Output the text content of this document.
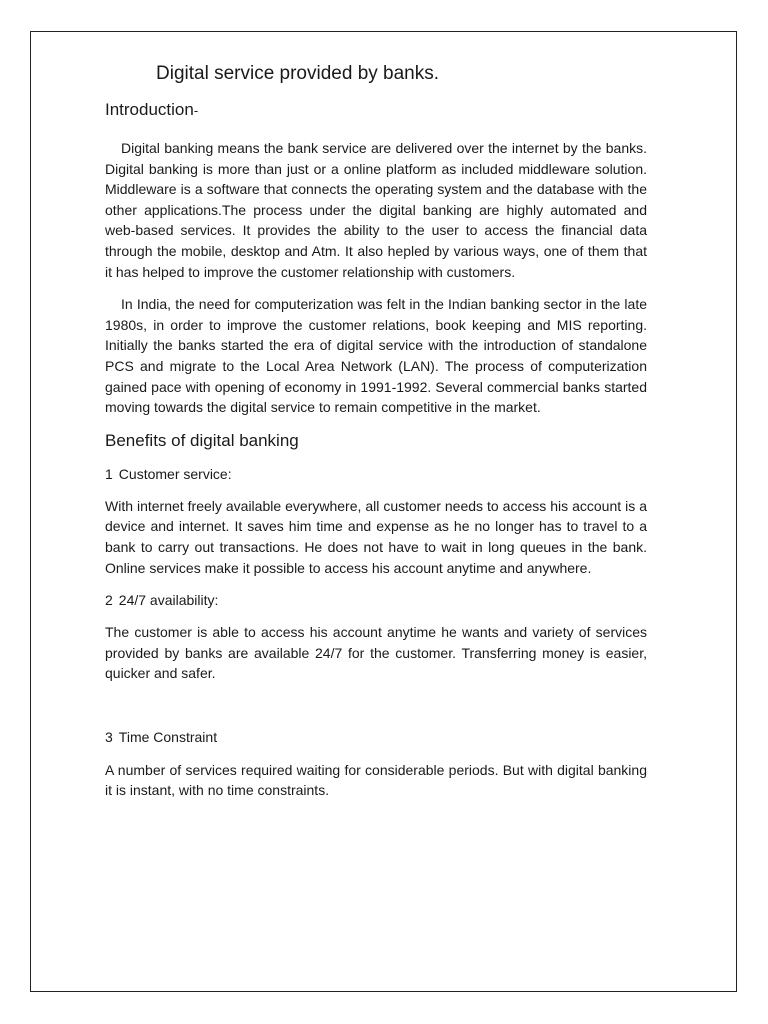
Digital service provided by banks.
Introduction-

Digital banking means the bank service are delivered over the internet by the banks. Digital banking is more than just or a online platform as included middleware solution. Middleware is a software that connects the operating system and the database with the other applications.The process under the digital banking are highly automated and web-based services. It provides the ability to the user to access the financial data through the mobile, desktop and Atm. It also hepled by various ways, one of them that it has helped to improve the customer relationship with customers.

In India, the need for computerization was felt in the Indian banking sector in the late 1980s, in order to improve the customer relations, book keeping and MIS reporting. Initially the banks started the era of digital service with the introduction of standalone PCS and migrate to the Local Area Network (LAN). The process of computerization gained pace with opening of economy in 1991-1992. Several commercial banks started moving towards the digital service to remain competitive in the market.

Benefits of digital banking

1 Customer service:

With internet freely available everywhere, all customer needs to access his account is a device and internet. It saves him time and expense as he no longer has to travel to a bank to carry out transactions. He does not have to wait in long queues in the bank. Online services make it possible to access his account anytime and anywhere.

2 24/7 availability:

The customer is able to access his account anytime he wants and variety of services provided by banks are available 24/7 for the customer. Transferring money is easier, quicker and safer.

3 Time Constraint

A number of services required waiting for considerable periods. But with digital banking it is instant, with no time constraints.
